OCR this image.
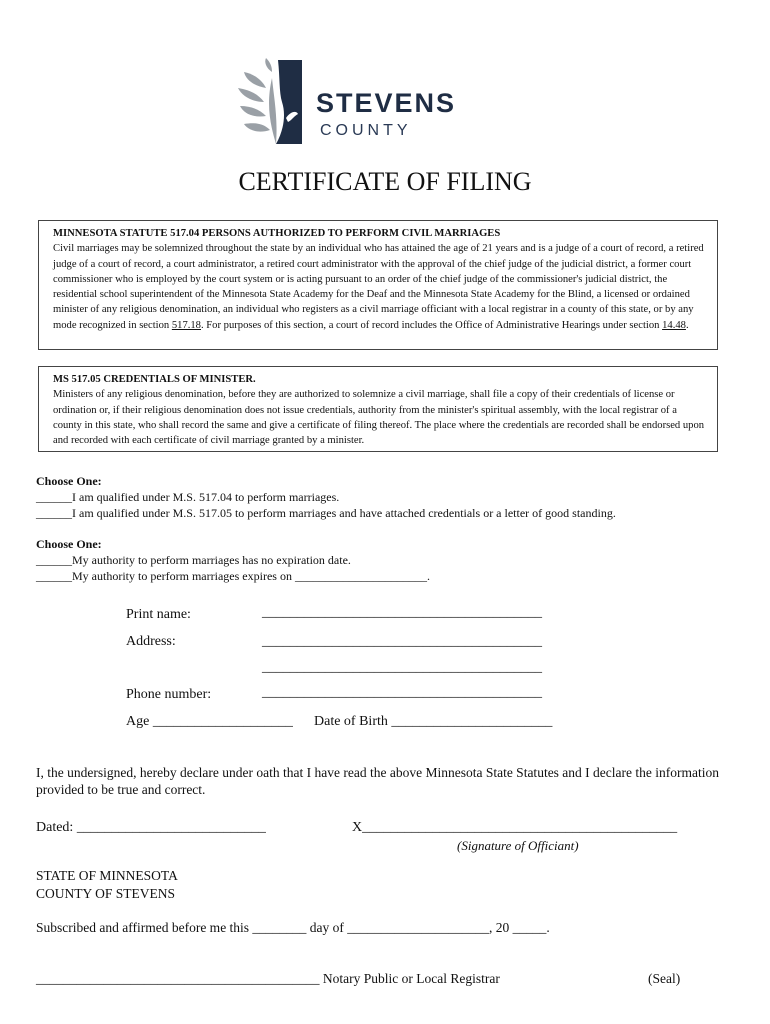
STEVENS
COUNTY
CERTIFICATE OF FILING

MINNESOTA STATUTE 517.04 PERSONS AUTHORIZED TO PERFORM CIVIL MARRIAGES

Civil marriages may be solemnized throughout the state by an individual who has attained the age of 21 years and is a judge of a court of record, a retired judge of a court of record, a court administrator, a retired court administrator with the approval of the chief judge of the judicial district, a former court commissioner who is employed by the court system or is acting pursuant to an order of the chief judge of the commissioner's judicial district, the residential school superintendent of the Minnesota State Academy for the Deaf and the Minnesota State Academy for the Blind, a licensed or ordained minister of any religious denomination, an individual who registers as a civil marriage officiant with a local registrar in a county of this state, or by any mode recognized in section 517.18. For purposes of this section, a court of record includes the Office of Administrative Hearings under section 14.48.

MS 517.05 CREDENTIALS OF MINISTER.

Ministers of any religious denomination, before they are authorized to solemnize a civil marriage, shall file a copy of their credentials of license or ordination or, if their religious denomination does not issue credentials, authority from the minister's spiritual assembly, with the local registrar of a county in this state, who shall record the same and give a certificate of filing thereof. The place where the credentials are recorded shall be endorsed upon and recorded with each certificate of civil marriage granted by a minister.

Choose One:
______I am qualified under M.S. 517.04 to perform marriages.
______I am qualified under M.S. 517.05 to perform marriages and have attached credentials or a letter of good standing.
Choose One:
______My authority to perform marriages has no expiration date.
______My authority to perform marriages expires on ______________________.
Print name:	________________________________________
Address:	________________________________________
________________________________________
Phone number:	________________________________________
Age ____________________ Date of Birth _______________________
I, the undersigned, hereby declare under oath that I have read the above Minnesota State Statutes and I declare the information provided to be true and correct.
Dated: ___________________________	X_____________________________________________
(Signature of Officiant)
STATE OF MINNESOTA
COUNTY OF STEVENS
Subscribed and affirmed before me this ________ day of _____________________, 20 _____.
__________________________________________ Notary Public or Local Registrar	(Seal)
